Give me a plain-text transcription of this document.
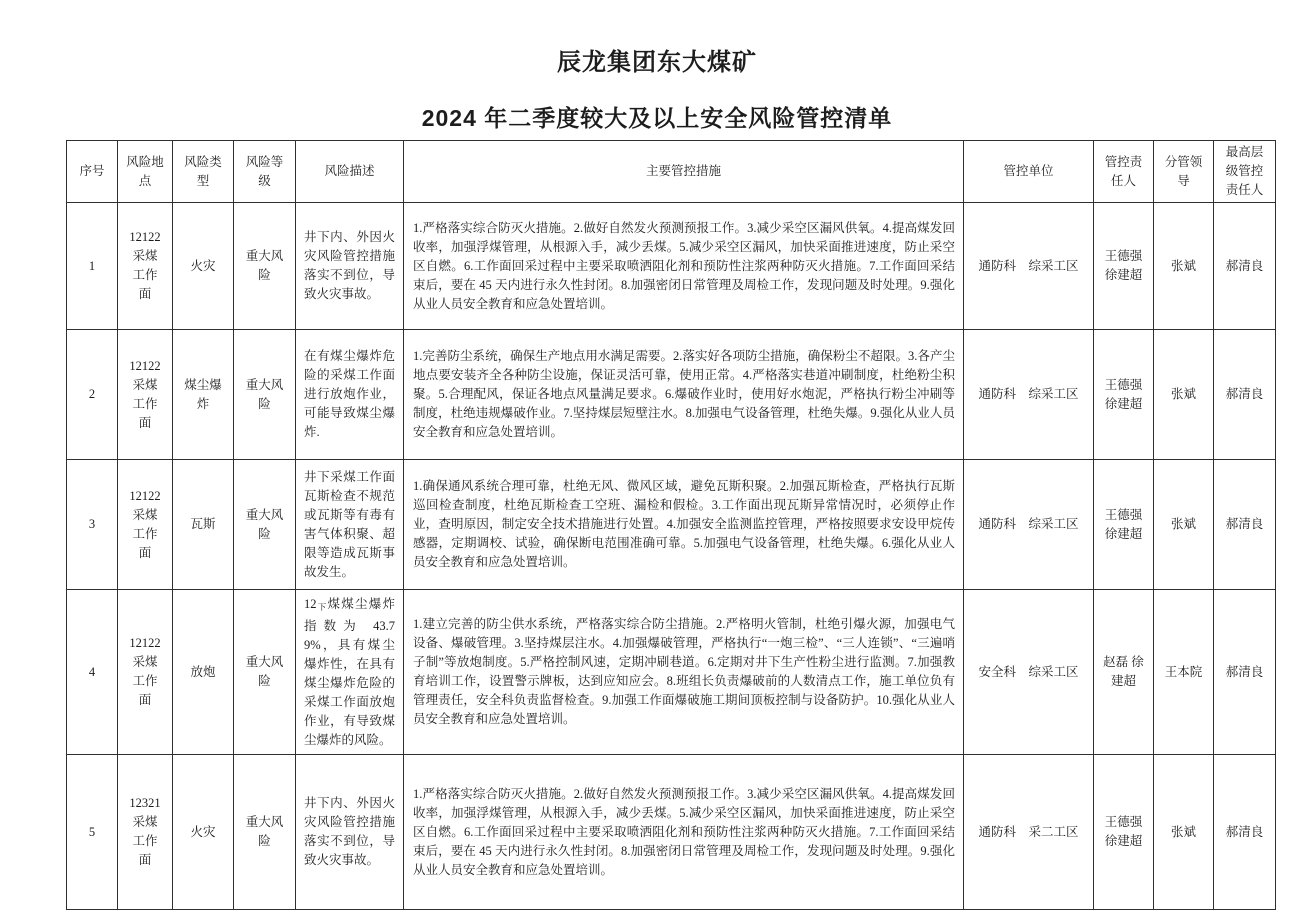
辰龙集团东大煤矿
2024 年二季度较大及以上安全风险管控清单
序号	风险地点	风险类型	风险等级	风险描述	主要管控措施	管控单位	管控责任人	分管领导	最高层级管控责任人
1	12122 采煤工作面	火灾	重大风险	井下内、外因火灾风险管控措施落实不到位，导致火灾事故。	1.严格落实综合防灭火措施。2.做好自然发火预测预报工作。3.减少采空区漏风供氧。4.提高煤发回收率，加强浮煤管理，从根源入手，减少丢煤。5.减少采空区漏风，加快采面推进速度，防止采空区自燃。6.工作面回采过程中主要采取喷洒阻化剂和预防性注浆两种防灭火措施。7.工作面回采结束后，要在 45 天内进行永久性封闭。8.加强密闭日常管理及周检工作，发现问题及时处理。9.强化从业人员安全教育和应急处置培训。	通防科　综采工区	王德强 徐建超	张斌	郝清良
2	12122 采煤工作面	煤尘爆炸	重大风险	在有煤尘爆炸危险的采煤工作面进行放炮作业，可能导致煤尘爆炸.	1.完善防尘系统，确保生产地点用水满足需要。2.落实好各项防尘措施，确保粉尘不超限。3.各产尘地点要安装齐全各种防尘设施，保证灵活可靠，使用正常。4.严格落实巷道冲刷制度，杜绝粉尘积聚。5.合理配风，保证各地点风量满足要求。6.爆破作业时，使用好水炮泥，严格执行粉尘冲刷等制度，杜绝违规爆破作业。7.坚持煤层短壁注水。8.加强电气设备管理，杜绝失爆。9.强化从业人员安全教育和应急处置培训。	通防科　综采工区	王德强 徐建超	张斌	郝清良
3	12122 采煤工作面	瓦斯	重大风险	井下采煤工作面瓦斯检查不规范或瓦斯等有毒有害气体积聚、超限等造成瓦斯事故发生。	1.确保通风系统合理可靠，杜绝无风、微风区域，避免瓦斯积聚。2.加强瓦斯检查，严格执行瓦斯巡回检查制度，杜绝瓦斯检查工空班、漏检和假检。3.工作面出现瓦斯异常情况时，必须停止作业，查明原因，制定安全技术措施进行处置。4.加强安全监测监控管理，严格按照要求安设甲烷传感器，定期调校、试验，确保断电范围准确可靠。5.加强电气设备管理，杜绝失爆。6.强化从业人员安全教育和应急处置培训。	通防科　综采工区	王德强 徐建超	张斌	郝清良
4	12122 采煤工作面	放炮	重大风险	$12_下$煤煤尘爆炸指数为 43.79%，具有煤尘爆炸性，在具有煤尘爆炸危险的采煤工作面放炮作业，有导致煤尘爆炸的风险。	1.建立完善的防尘供水系统，严格落实综合防尘措施。2.严格明火管制，杜绝引爆火源，加强电气设备、爆破管理。3.坚持煤层注水。4.加强爆破管理，严格执行“一炮三检”、“三人连锁”、“三遍哨子制”等放炮制度。5.严格控制风速，定期冲刷巷道。6.定期对井下生产性粉尘进行监测。7.加强教育培训工作，设置警示牌板，达到应知应会。8.班组长负责爆破前的人数清点工作，施工单位负有管理责任，安全科负责监督检查。9.加强工作面爆破施工期间顶板控制与设备防护。10.强化从业人员安全教育和应急处置培训。	安全科　综采工区	赵磊 徐建超	王本院	郝清良
5	12321 采煤工作面	火灾	重大风险	井下内、外因火灾风险管控措施落实不到位，导致火灾事故。	1.严格落实综合防灭火措施。2.做好自然发火预测预报工作。3.减少采空区漏风供氧。4.提高煤发回收率，加强浮煤管理，从根源入手，减少丢煤。5.减少采空区漏风，加快采面推进速度，防止采空区自燃。6.工作面回采过程中主要采取喷洒阻化剂和预防性注浆两种防灭火措施。7.工作面回采结束后，要在 45 天内进行永久性封闭。8.加强密闭日常管理及周检工作，发现问题及时处理。9.强化从业人员安全教育和应急处置培训。	通防科　采二工区	王德强 徐建超	张斌	郝清良
